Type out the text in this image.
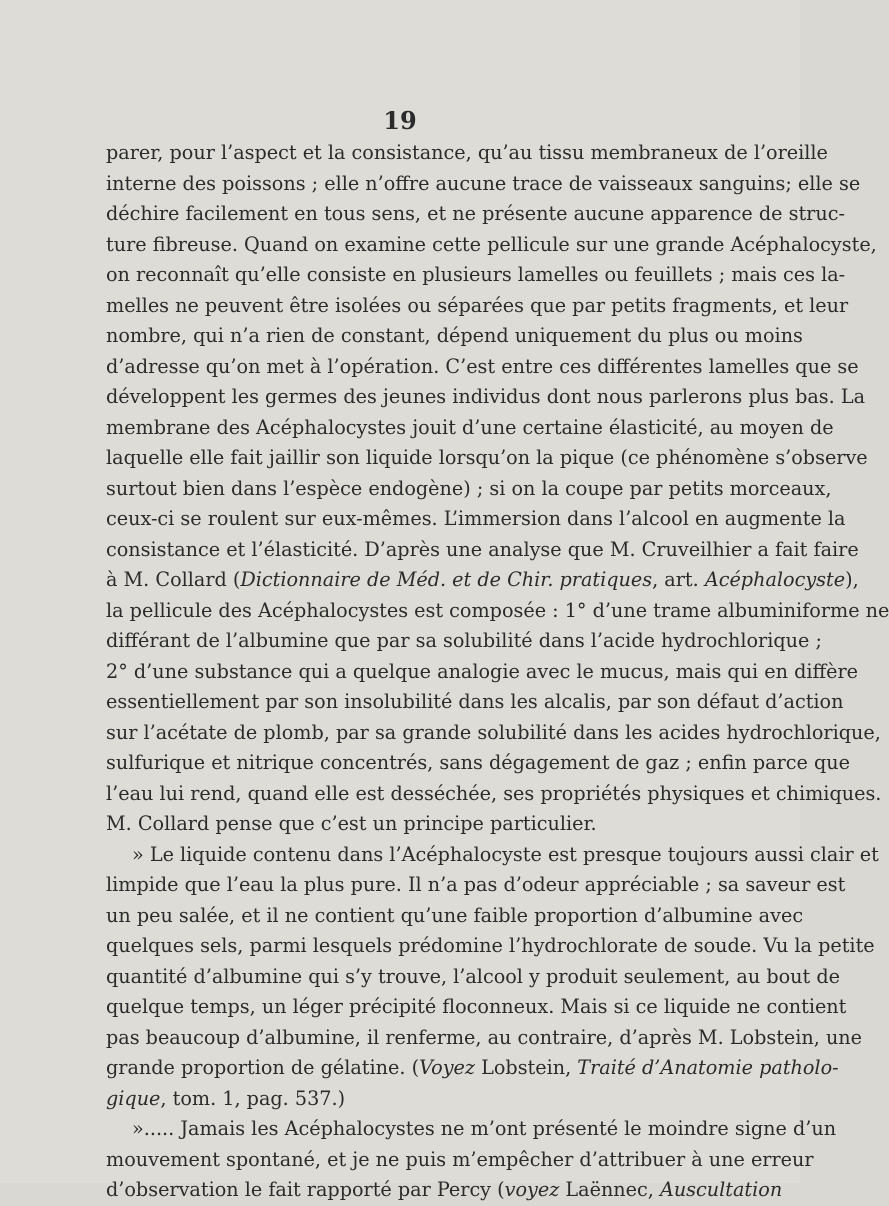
19
parer, pour l’aspect et la consistance, qu’au tissu membraneux de l’oreille
interne des poissons ; elle n’offre aucune trace de vaisseaux sanguins; elle se
déchire facilement en tous sens, et ne présente aucune apparence de struc-
ture fibreuse. Quand on examine cette pellicule sur une grande Acéphalocyste,
on reconnaît qu’elle consiste en plusieurs lamelles ou feuillets ; mais ces la-
melles ne peuvent être isolées ou séparées que par petits fragments, et leur
nombre, qui n’a rien de constant, dépend uniquement du plus ou moins
d’adresse qu’on met à l’opération. C’est entre ces différentes lamelles que se
développent les germes des jeunes individus dont nous parlerons plus bas. La
membrane des Acéphalocystes jouit d’une certaine élasticité, au moyen de
laquelle elle fait jaillir son liquide lorsqu’on la pique (ce phénomène s’observe
surtout bien dans l’espèce endogène) ; si on la coupe par petits morceaux,
ceux-ci se roulent sur eux-mêmes. L’immersion dans l’alcool en augmente la
consistance et l’élasticité. D’après une analyse que M. Cruveilhier a fait faire
à M. Collard (Dictionnaire de Méd. et de Chir. pratiques, art. Acéphalocyste),
la pellicule des Acéphalocystes est composée : 1° d’une trame albuminiforme ne
différant de l’albumine que par sa solubilité dans l’acide hydrochlorique ;
2° d’une substance qui a quelque analogie avec le mucus, mais qui en diffère
essentiellement par son insolubilité dans les alcalis, par son défaut d’action
sur l’acétate de plomb, par sa grande solubilité dans les acides hydrochlorique,
sulfurique et nitrique concentrés, sans dégagement de gaz ; enfin parce que
l’eau lui rend, quand elle est desséchée, ses propriétés physiques et chimiques.
M. Collard pense que c’est un principe particulier.
» Le liquide contenu dans l’Acéphalocyste est presque toujours aussi clair et
limpide que l’eau la plus pure. Il n’a pas d’odeur appréciable ; sa saveur est
un peu salée, et il ne contient qu’une faible proportion d’albumine avec
quelques sels, parmi lesquels prédomine l’hydrochlorate de soude. Vu la petite
quantité d’albumine qui s’y trouve, l’alcool y produit seulement, au bout de
quelque temps, un léger précipité floconneux. Mais si ce liquide ne contient
pas beaucoup d’albumine, il renferme, au contraire, d’après M. Lobstein, une
grande proportion de gélatine. (Voyez Lobstein, Traité d’Anatomie patholo-
gique, tom. 1, pag. 537.)
»..... Jamais les Acéphalocystes ne m’ont présenté le moindre signe d’un
mouvement spontané, et je ne puis m’empêcher d’attribuer à une erreur
d’observation le fait rapporté par Percy (voyez Laënnec, Auscultation
